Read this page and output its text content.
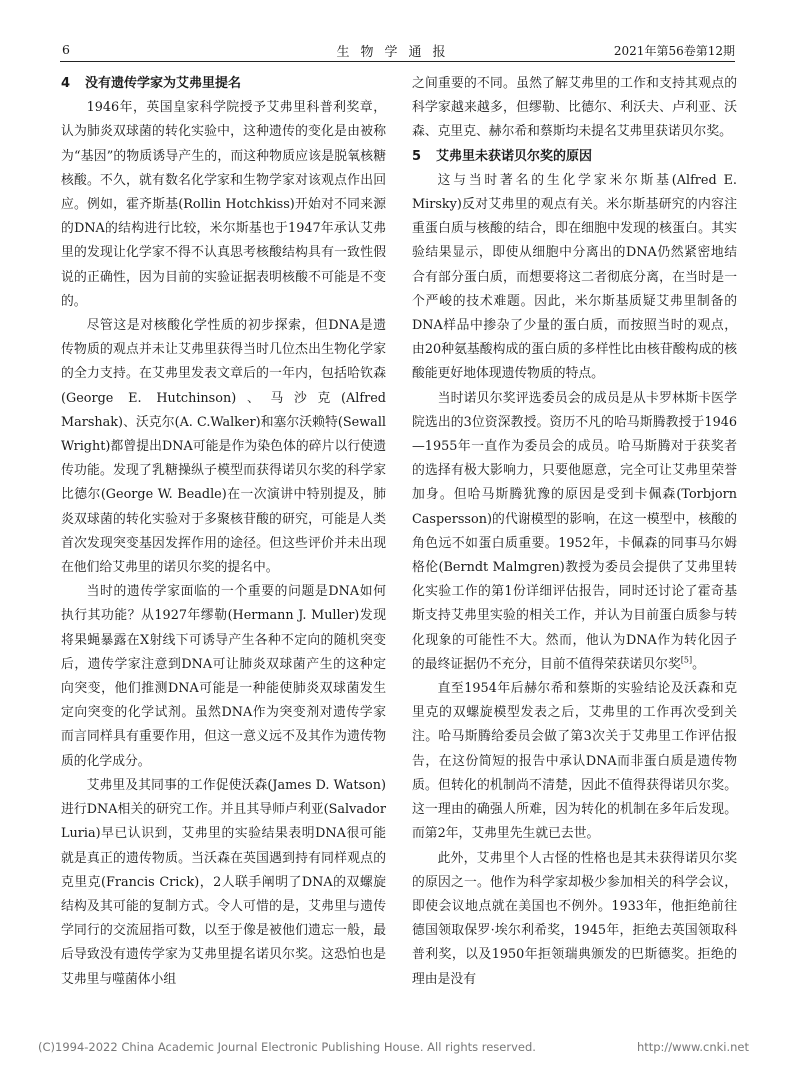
6	生物学通报	2021年第56卷第12期
4 没有遗传学家为艾弗里提名

1946年，英国皇家科学院授予艾弗里科普利奖章，认为肺炎双球菌的转化实验中，这种遗传的变化是由被称为“基因”的物质诱导产生的，而这种物质应该是脱氧核糖核酸。不久，就有数名化学家和生物学家对该观点作出回应。例如，霍齐斯基(Rollin Hotchkiss)开始对不同来源的DNA的结构进行比较，米尔斯基也于1947年承认艾弗里的发现让化学家不得不认真思考核酸结构具有一致性假说的正确性，因为目前的实验证据表明核酸不可能是不变的。

尽管这是对核酸化学性质的初步探索，但DNA是遗传物质的观点并未让艾弗里获得当时几位杰出生物化学家的全力支持。在艾弗里发表文章后的一年内，包括哈钦森(George E. Hutchinson)、马沙克(Alfred Marshak)、沃克尔(A. C.Walker)和塞尔沃赖特(Sewall Wright)都曾提出DNA可能是作为染色体的碎片以行使遗传功能。发现了乳糖操纵子模型而获得诺贝尔奖的科学家比德尔(George W. Beadle)在一次演讲中特别提及，肺炎双球菌的转化实验对于多聚核苷酸的研究，可能是人类首次发现突变基因发挥作用的途径。但这些评价并未出现在他们给艾弗里的诺贝尔奖的提名中。

当时的遗传学家面临的一个重要的问题是DNA如何执行其功能？从1927年缪勒(Hermann J. Muller)发现将果蝇暴露在X射线下可诱导产生各种不定向的随机突变后，遗传学家注意到DNA可让肺炎双球菌产生的这种定向突变，他们推测DNA可能是一种能使肺炎双球菌发生定向突变的化学试剂。虽然DNA作为突变剂对遗传学家而言同样具有重要作用，但这一意义远不及其作为遗传物质的化学成分。

艾弗里及其同事的工作促使沃森(James D. Watson)进行DNA相关的研究工作。并且其导师卢利亚(Salvador Luria)早已认识到，艾弗里的实验结果表明DNA很可能就是真正的遗传物质。当沃森在英国遇到持有同样观点的克里克(Francis Crick)，2人联手阐明了DNA的双螺旋结构及其可能的复制方式。令人可惜的是，艾弗里与遗传学同行的交流屈指可数，以至于像是被他们遗忘一般，最后导致没有遗传学家为艾弗里提名诺贝尔奖。这恐怕也是艾弗里与噬菌体小组

之间重要的不同。虽然了解艾弗里的工作和支持其观点的科学家越来越多，但缪勒、比德尔、利沃夫、卢利亚、沃森、克里克、赫尔希和蔡斯均未提名艾弗里获诺贝尔奖。

5 艾弗里未获诺贝尔奖的原因

这与当时著名的生化学家米尔斯基(Alfred E. Mirsky)反对艾弗里的观点有关。米尔斯基研究的内容注重蛋白质与核酸的结合，即在细胞中发现的核蛋白。其实验结果显示，即使从细胞中分离出的DNA仍然紧密地结合有部分蛋白质，而想要将这二者彻底分离，在当时是一个严峻的技术难题。因此，米尔斯基质疑艾弗里制备的DNA样品中掺杂了少量的蛋白质，而按照当时的观点，由20种氨基酸构成的蛋白质的多样性比由核苷酸构成的核酸能更好地体现遗传物质的特点。

当时诺贝尔奖评选委员会的成员是从卡罗林斯卡医学院选出的3位资深教授。资历不凡的哈马斯腾教授于1946—1955年一直作为委员会的成员。哈马斯腾对于获奖者的选择有极大影响力，只要他愿意，完全可让艾弗里荣誉加身。但哈马斯腾犹豫的原因是受到卡佩森(Torbjorn Caspersson)的代谢模型的影响，在这一模型中，核酸的角色远不如蛋白质重要。1952年，卡佩森的同事马尔姆格伦(Berndt Malmgren)教授为委员会提供了艾弗里转化实验工作的第1份详细评估报告，同时还讨论了霍奇基斯支持艾弗里实验的相关工作，并认为目前蛋白质参与转化现象的可能性不大。然而，他认为DNA作为转化因子的最终证据仍不充分，目前不值得荣获诺贝尔奖[5]。

直至1954年后赫尔希和蔡斯的实验结论及沃森和克里克的双螺旋模型发表之后，艾弗里的工作再次受到关注。哈马斯腾给委员会做了第3次关于艾弗里工作评估报告，在这份简短的报告中承认DNA而非蛋白质是遗传物质。但转化的机制尚不清楚，因此不值得获得诺贝尔奖。这一理由的确强人所难，因为转化的机制在多年后发现。而第2年，艾弗里先生就已去世。

此外，艾弗里个人古怪的性格也是其未获得诺贝尔奖的原因之一。他作为科学家却极少参加相关的科学会议，即使会议地点就在美国也不例外。1933年，他拒绝前往德国领取保罗·埃尔利希奖，1945年，拒绝去英国领取科普利奖，以及1950年拒领瑞典颁发的巴斯德奖。拒绝的理由是没有

(C)1994-2022 China Academic Journal Electronic Publishing House. All rights reserved.	http://www.cnki.net
